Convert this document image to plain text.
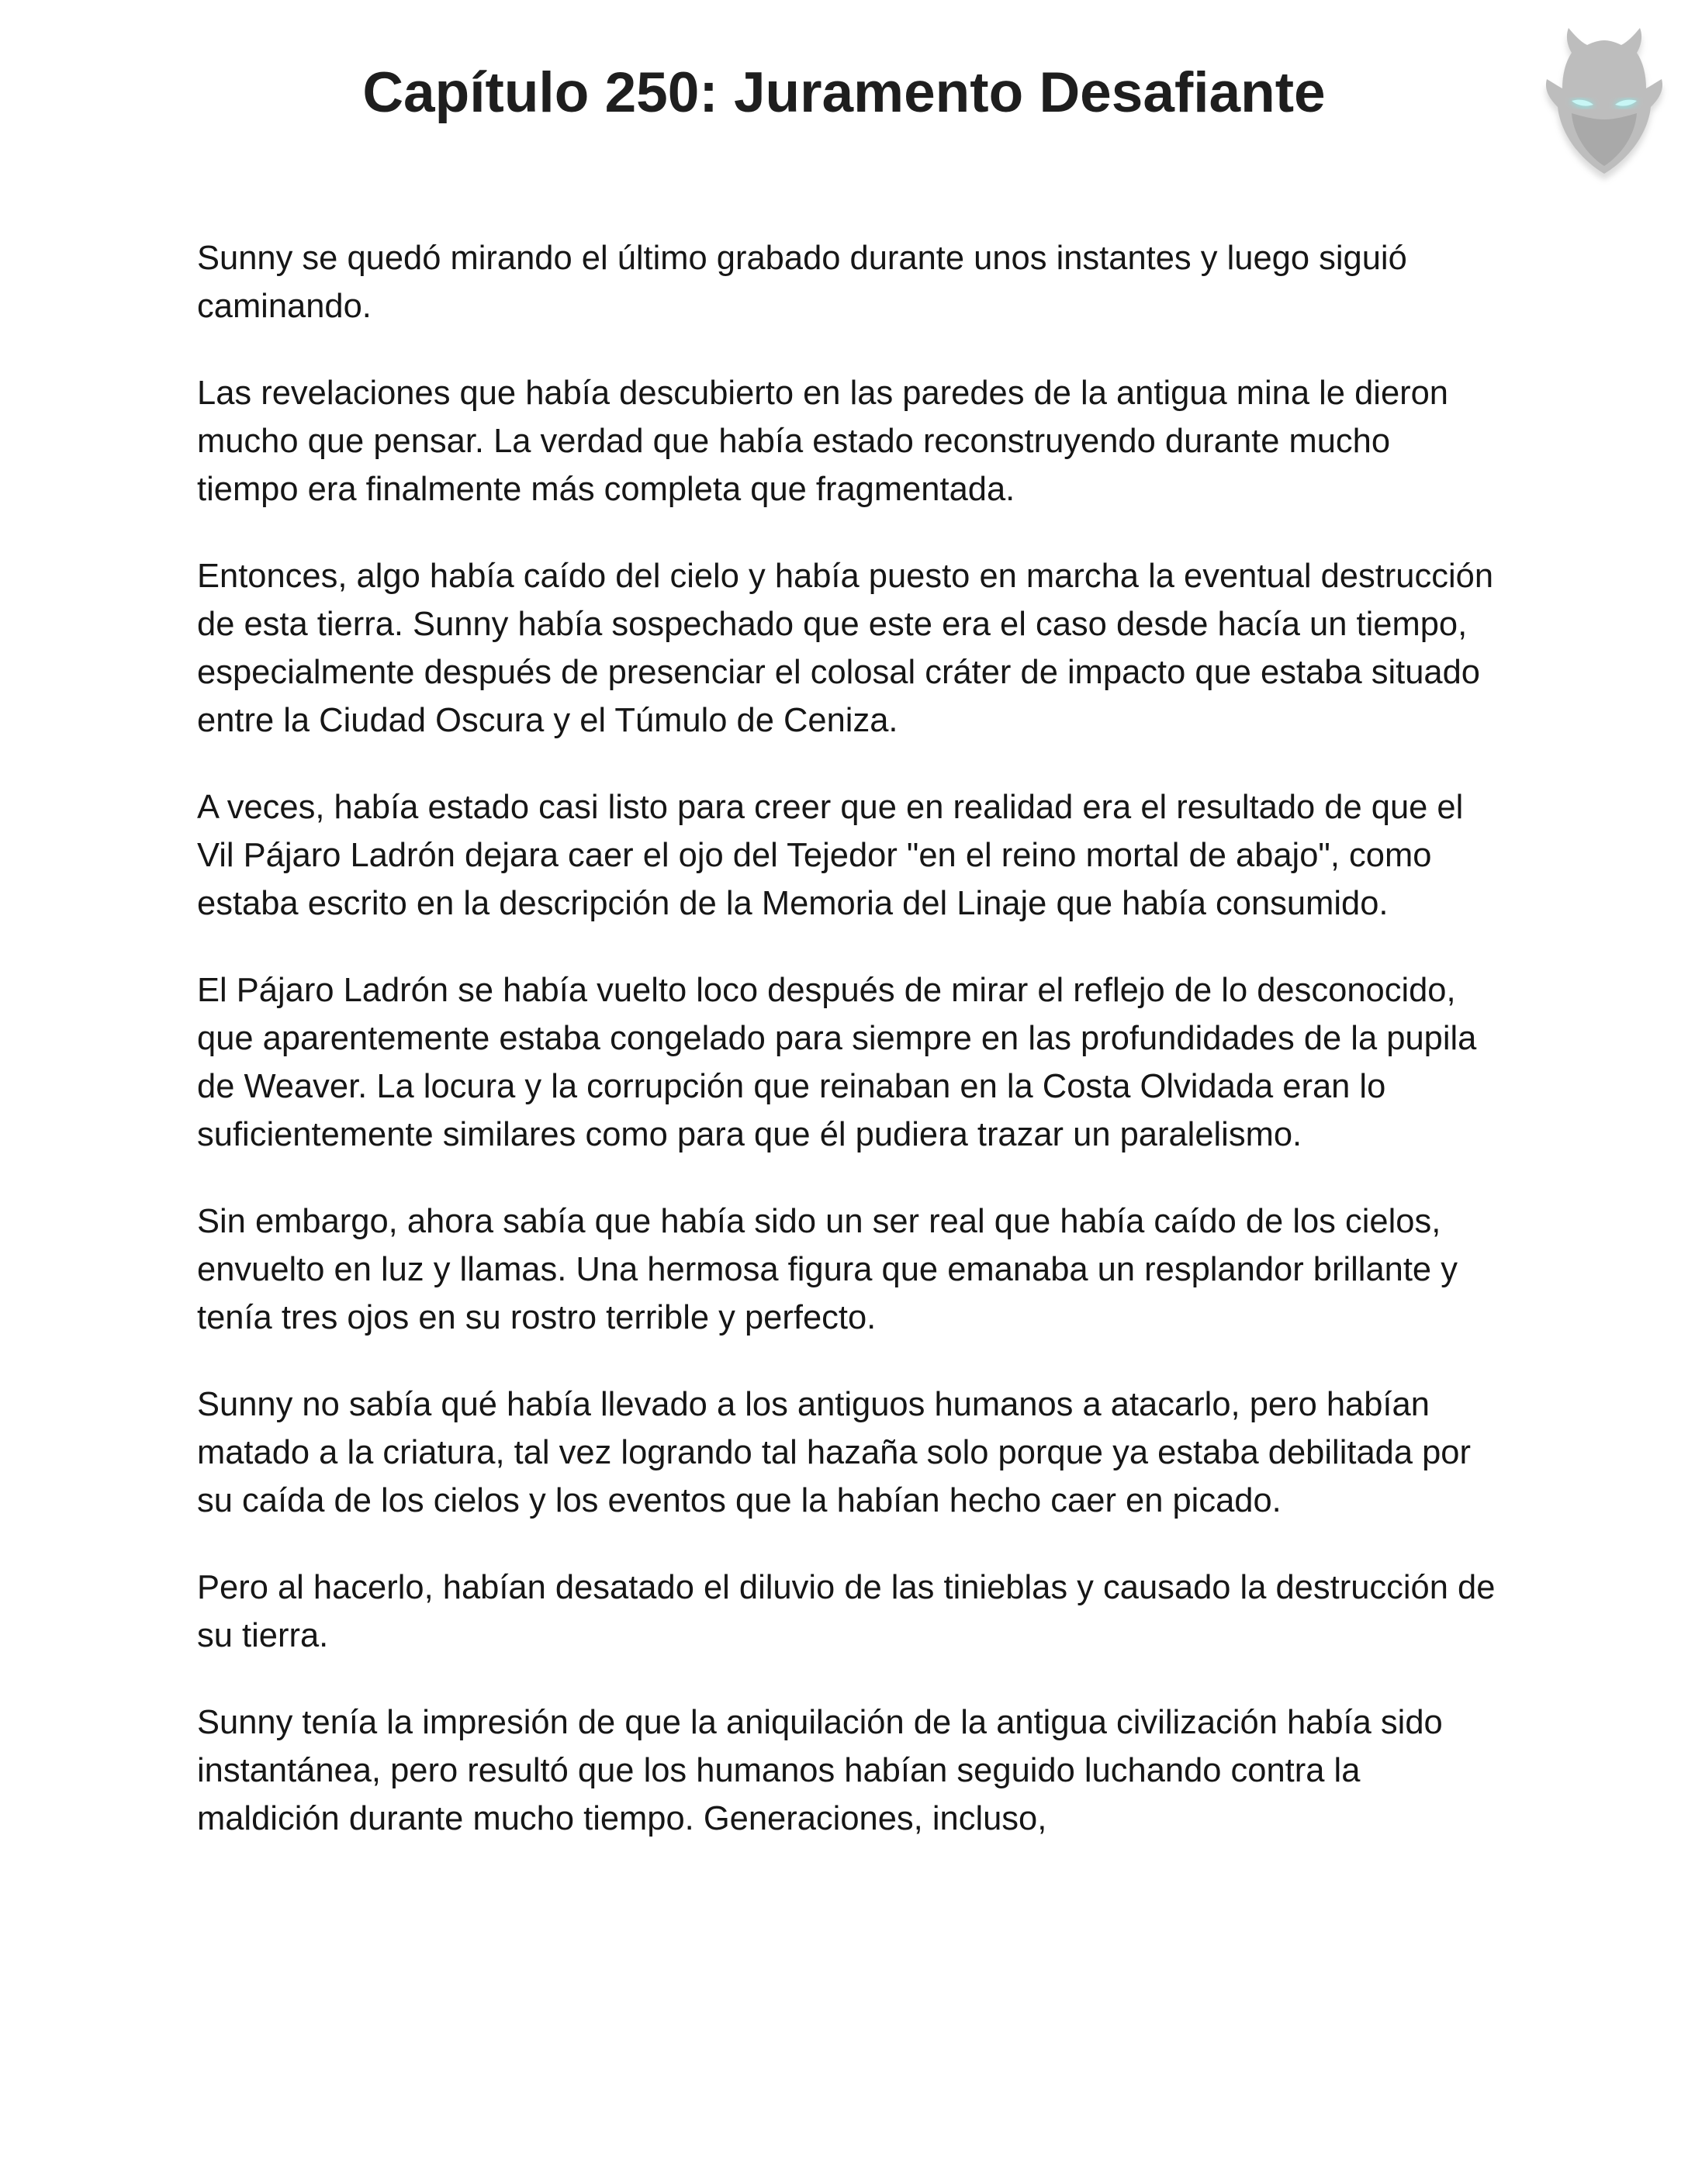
Capítulo 250: Juramento Desafiante

Sunny se quedó mirando el último grabado durante unos instantes y luego siguió caminando.

Las revelaciones que había descubierto en las paredes de la antigua mina le dieron mucho que pensar. La verdad que había estado reconstruyendo durante mucho tiempo era finalmente más completa que fragmentada.

Entonces, algo había caído del cielo y había puesto en marcha la eventual destrucción de esta tierra. Sunny había sospechado que este era el caso desde hacía un tiempo, especialmente después de presenciar el colosal cráter de impacto que estaba situado entre la Ciudad Oscura y el Túmulo de Ceniza.

A veces, había estado casi listo para creer que en realidad era el resultado de que el Vil Pájaro Ladrón dejara caer el ojo del Tejedor "en el reino mortal de abajo", como estaba escrito en la descripción de la Memoria del Linaje que había consumido.

El Pájaro Ladrón se había vuelto loco después de mirar el reflejo de lo desconocido, que aparentemente estaba congelado para siempre en las profundidades de la pupila de Weaver. La locura y la corrupción que reinaban en la Costa Olvidada eran lo suficientemente similares como para que él pudiera trazar un paralelismo.

Sin embargo, ahora sabía que había sido un ser real que había caído de los cielos, envuelto en luz y llamas. Una hermosa figura que emanaba un resplandor brillante y tenía tres ojos en su rostro terrible y perfecto.

Sunny no sabía qué había llevado a los antiguos humanos a atacarlo, pero habían matado a la criatura, tal vez logrando tal hazaña solo porque ya estaba debilitada por su caída de los cielos y los eventos que la habían hecho caer en picado.

Pero al hacerlo, habían desatado el diluvio de las tinieblas y causado la destrucción de su tierra.

Sunny tenía la impresión de que la aniquilación de la antigua civilización había sido instantánea, pero resultó que los humanos habían seguido luchando contra la maldición durante mucho tiempo. Generaciones, incluso,
